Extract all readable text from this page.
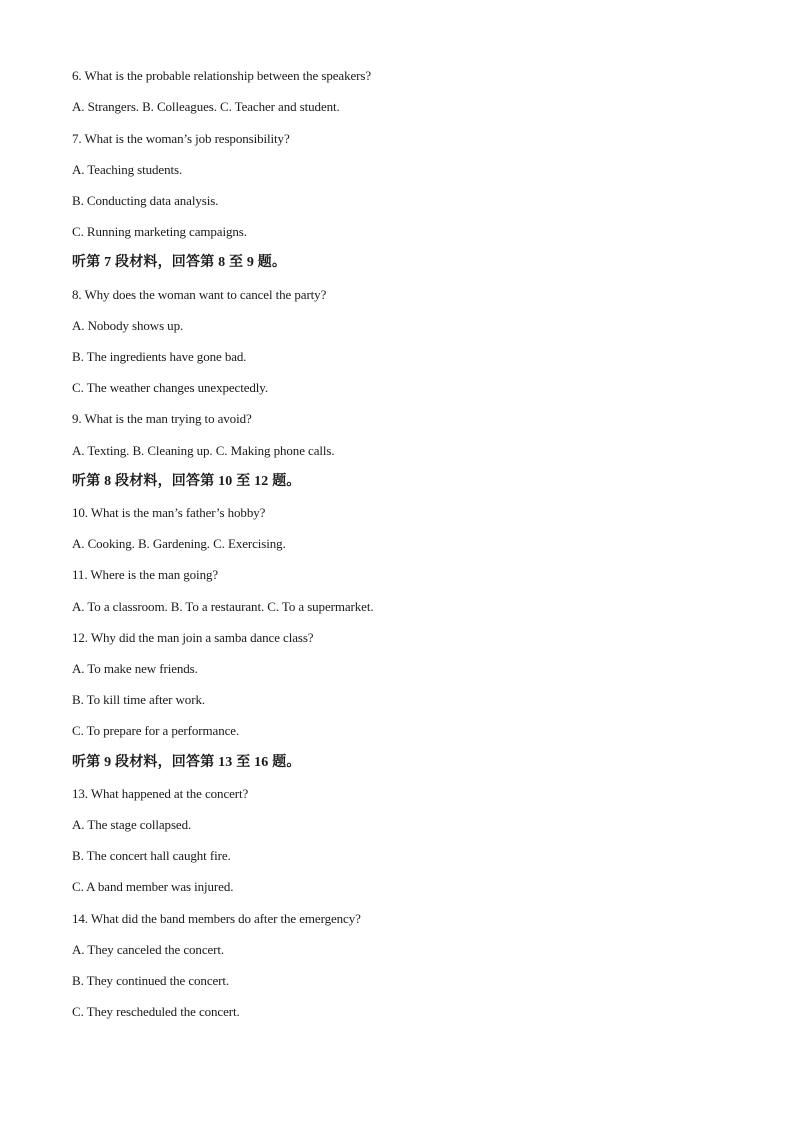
6. What is the probable relationship between the speakers?
A. Strangers. B. Colleagues. C. Teacher and student.
7. What is the woman’s job responsibility?
A. Teaching students.
B. Conducting data analysis.
C. Running marketing campaigns.
听第 7 段材料，回答第 8 至 9 题。
8. Why does the woman want to cancel the party?
A. Nobody shows up.
B. The ingredients have gone bad.
C. The weather changes unexpectedly.
9. What is the man trying to avoid?
A. Texting. B. Cleaning up. C. Making phone calls.
听第 8 段材料，回答第 10 至 12 题。
10. What is the man’s father’s hobby?
A. Cooking. B. Gardening. C. Exercising.
11. Where is the man going?
A. To a classroom. B. To a restaurant. C. To a supermarket.
12. Why did the man join a samba dance class?
A. To make new friends.
B. To kill time after work.
C. To prepare for a performance.
听第 9 段材料，回答第 13 至 16 题。
13. What happened at the concert?
A. The stage collapsed.
B. The concert hall caught fire.
C. A band member was injured.
14. What did the band members do after the emergency?
A. They canceled the concert.
B. They continued the concert.
C. They rescheduled the concert.
